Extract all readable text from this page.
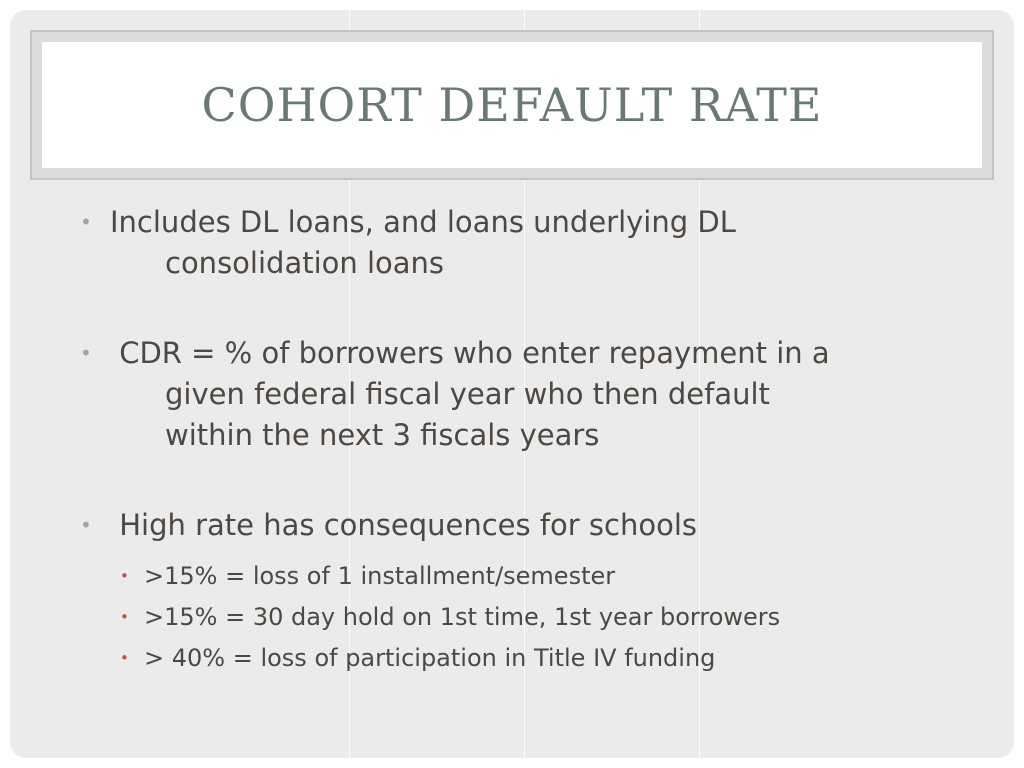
COHORT DEFAULT RATE
• Includes DL loans, and loans underlying DL
consolidation loans
• CDR = % of borrowers who enter repayment in a
given federal fiscal year who then default
within the next 3 fiscals years
• High rate has consequences for schools
• >15% = loss of 1 installment/semester
• >15% = 30 day hold on 1st time, 1st year borrowers
• > 40% = loss of participation in Title IV funding
